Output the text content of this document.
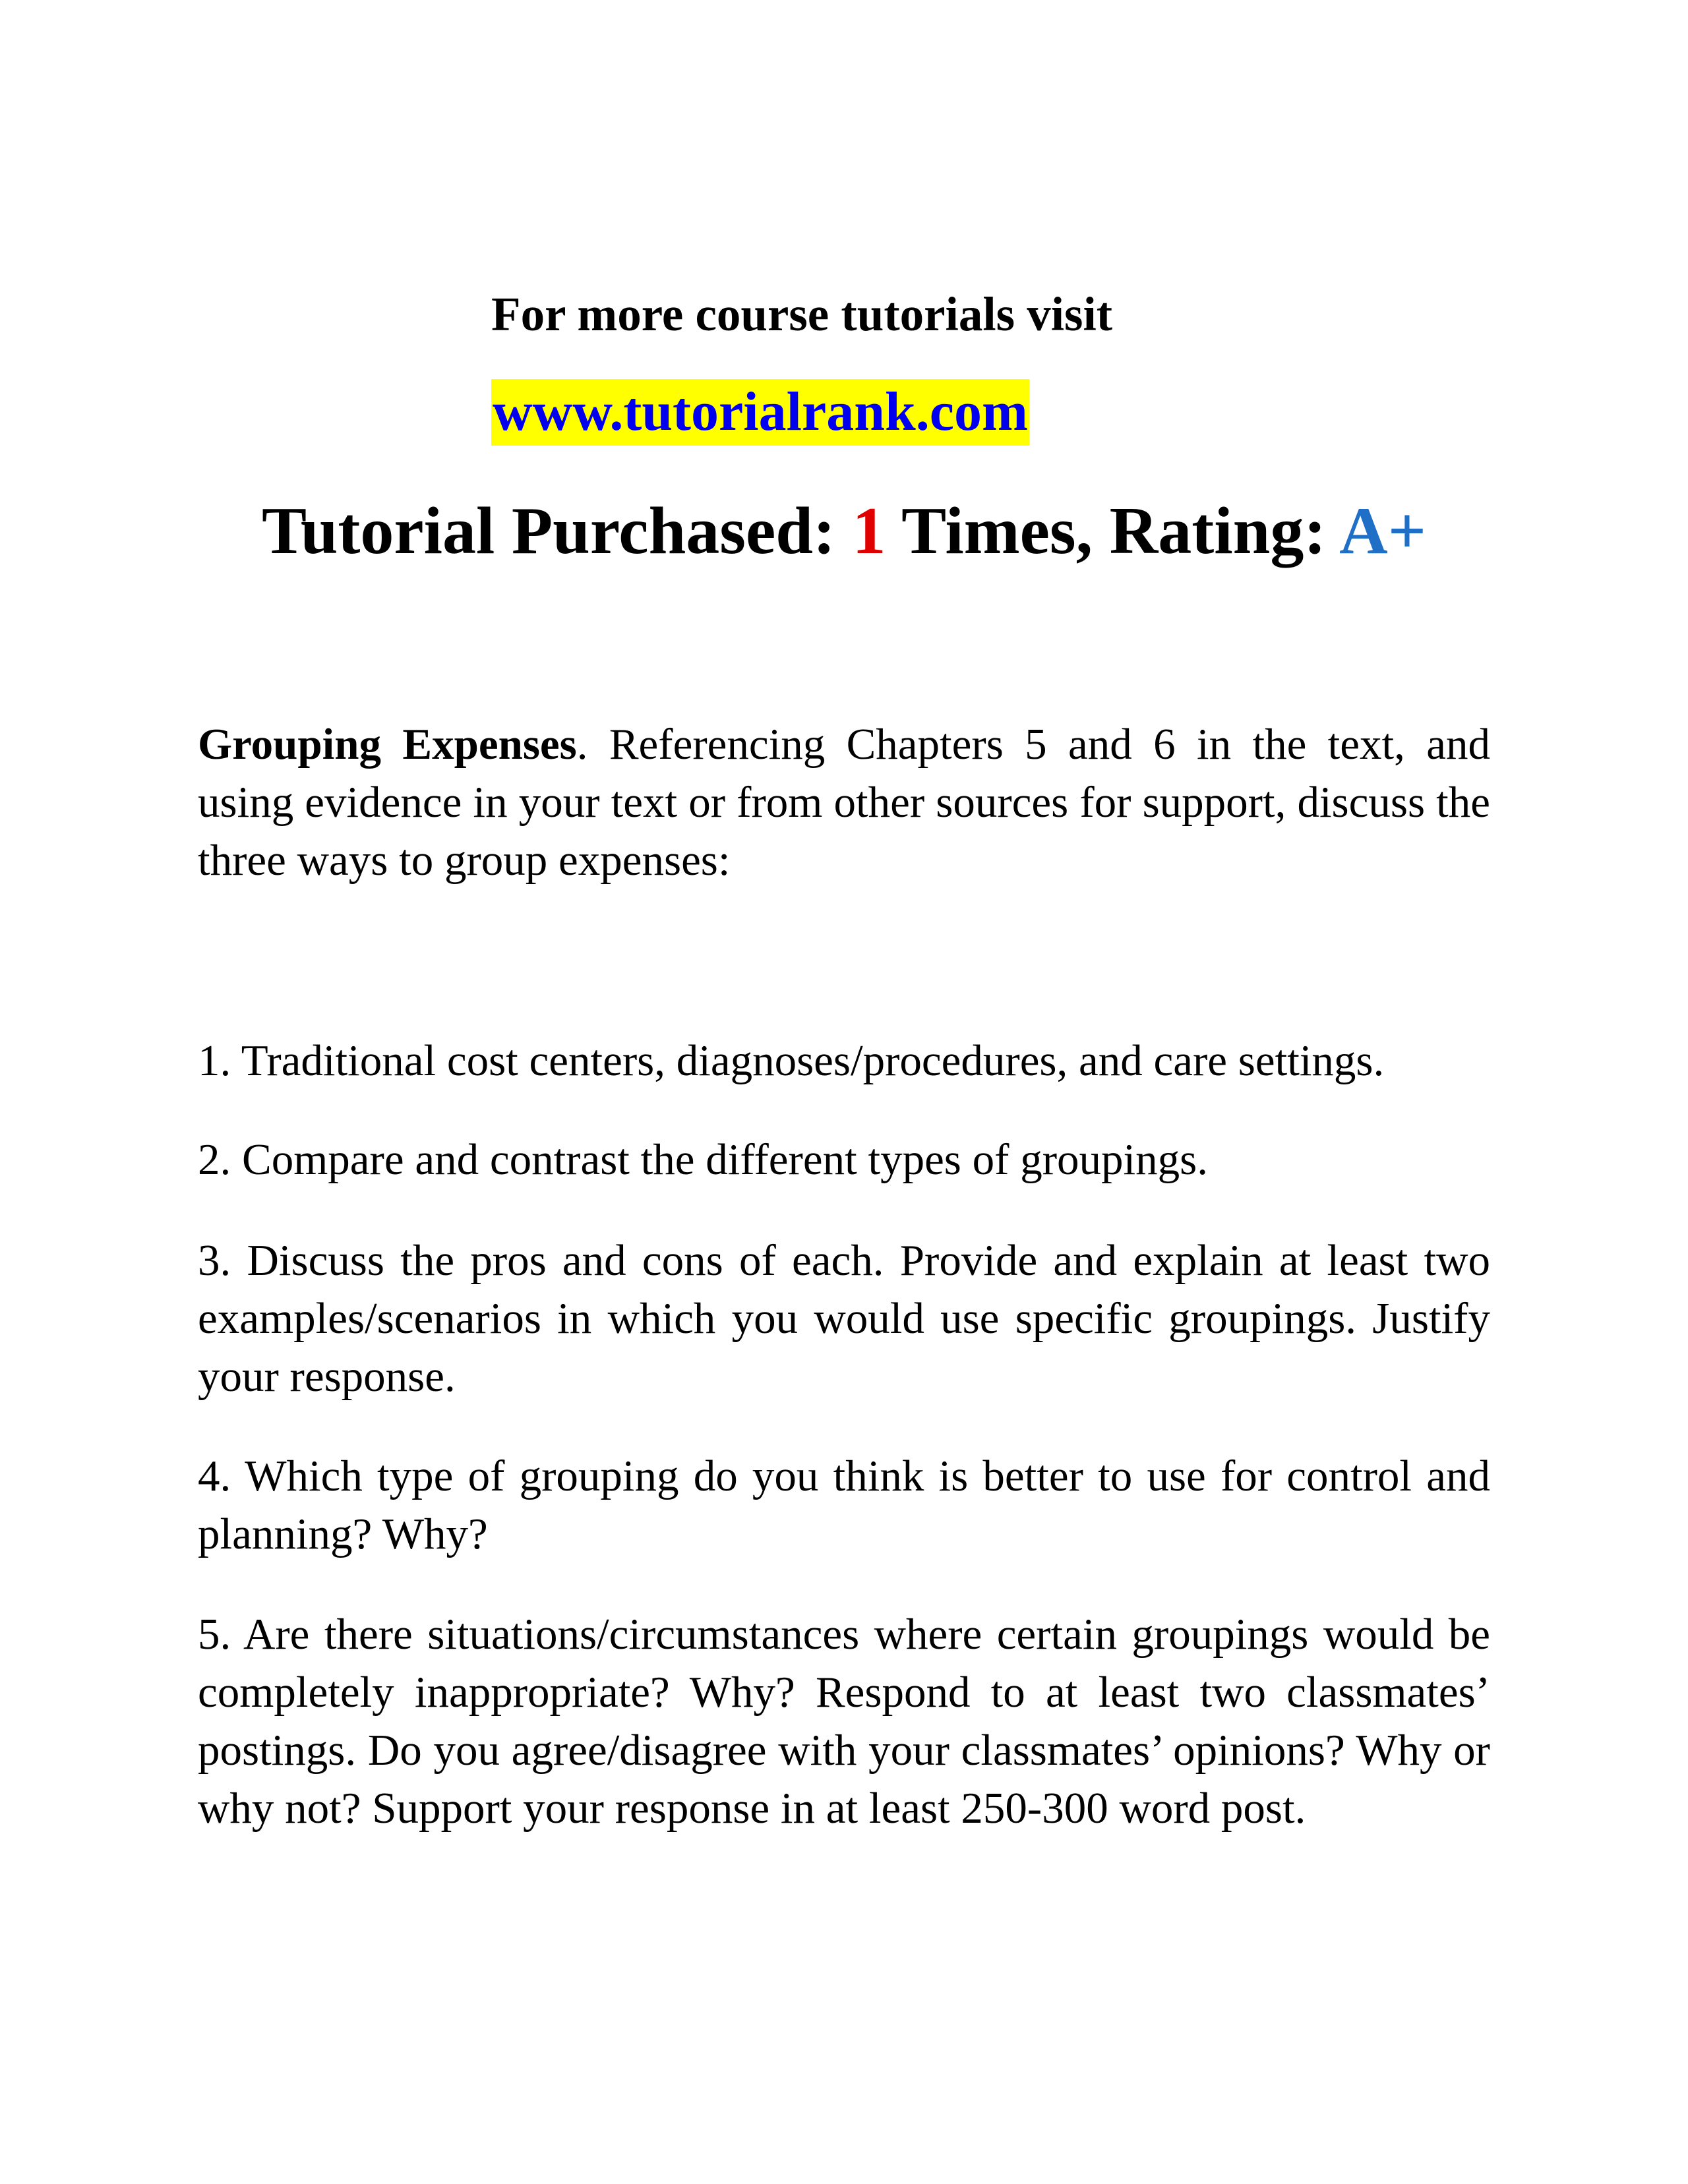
For more course tutorials visit
www.tutorialrank.com
Tutorial Purchased: 1 Times, Rating: A+

Grouping Expenses. Referencing Chapters 5 and 6 in the text, and using evidence in your text or from other sources for support, discuss the three ways to group expenses:

1. Traditional cost centers, diagnoses/procedures, and care settings.

2. Compare and contrast the different types of groupings.

3. Discuss the pros and cons of each. Provide and explain at least two examples/scenarios in which you would use specific groupings. Justify your response.

4. Which type of grouping do you think is better to use for control and planning? Why?

5. Are there situations/circumstances where certain groupings would be completely inappropriate? Why? Respond to at least two classmates’ postings. Do you agree/disagree with your classmates’ opinions? Why or why not? Support your response in at least 250-300 word post.
